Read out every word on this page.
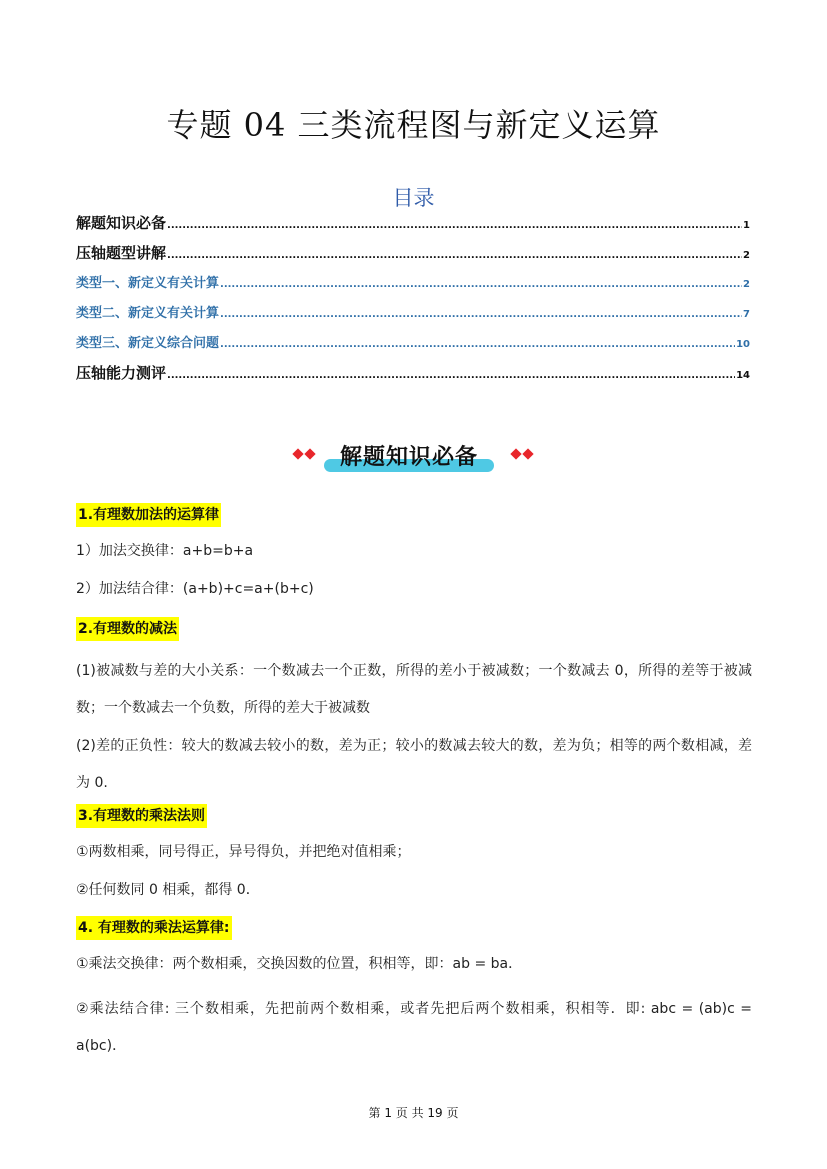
专题 04 三类流程图与新定义运算
目录
解题知识必备 .....	1
压轴题型讲解 .....	2
类型一、新定义有关计算 .....	2
类型二、新定义有关计算 .....	7
类型三、新定义综合问题 .....	10
压轴能力测评 .....	14
解题知识必备
1.有理数加法的运算律

1）加法交换律：a+b=b+a

2）加法结合律：(a+b)+c=a+(b+c)

2.有理数的减法

(1)被减数与差的大小关系：一个数减去一个正数，所得的差小于被减数；一个数减去 0，所得的差等于被减数；一个数减去一个负数，所得的差大于被减数

(2)差的正负性：较大的数减去较小的数，差为正；较小的数减去较大的数，差为负；相等的两个数相减，差为 0.

3.有理数的乘法法则

①两数相乘，同号得正，异号得负，并把绝对值相乘；

②任何数同 0 相乘，都得 0．

4. 有理数的乘法运算律:

①乘法交换律：两个数相乘，交换因数的位置，积相等，即：ab = ba．

②乘法结合律: 三个数相乘，先把前两个数相乘，或者先把后两个数相乘，积相等．即: abc = (ab)c = a(bc)．

第 1 页 共 19 页
